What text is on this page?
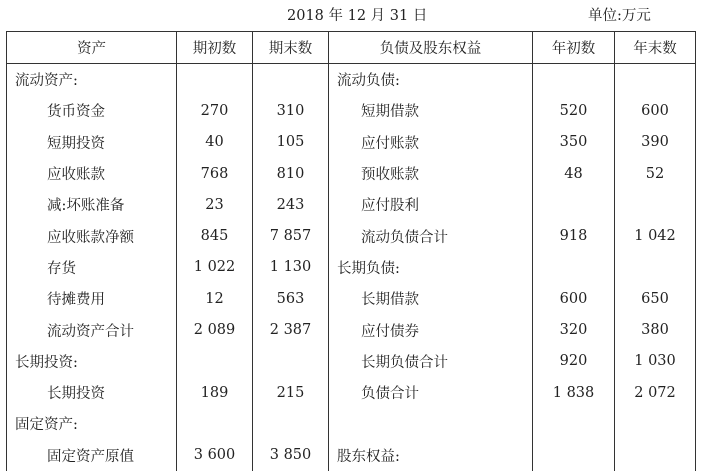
2018 年 12 月 31 日	单位:万元
资产	期初数	期末数	负债及股东权益	年初数	年末数
流动资产:			流动负债:		
货币资金	270	310	短期借款	520	600
短期投资	40	105	应付账款	350	390
应收账款	768	810	预收账款	48	52
减:坏账准备	23	243	应付股利		
应收账款净额	845	7 857	流动负债合计	918	1 042
存货	1 022	1 130	长期负债:		
待摊费用	12	563	长期借款	600	650
流动资产合计	2 089	2 387	应付债券	320	380
长期投资:			长期负债合计	920	1 030
长期投资	189	215	负债合计	1 838	2 072
固定资产:					
固定资产原值	3 600	3 850	股东权益:		
